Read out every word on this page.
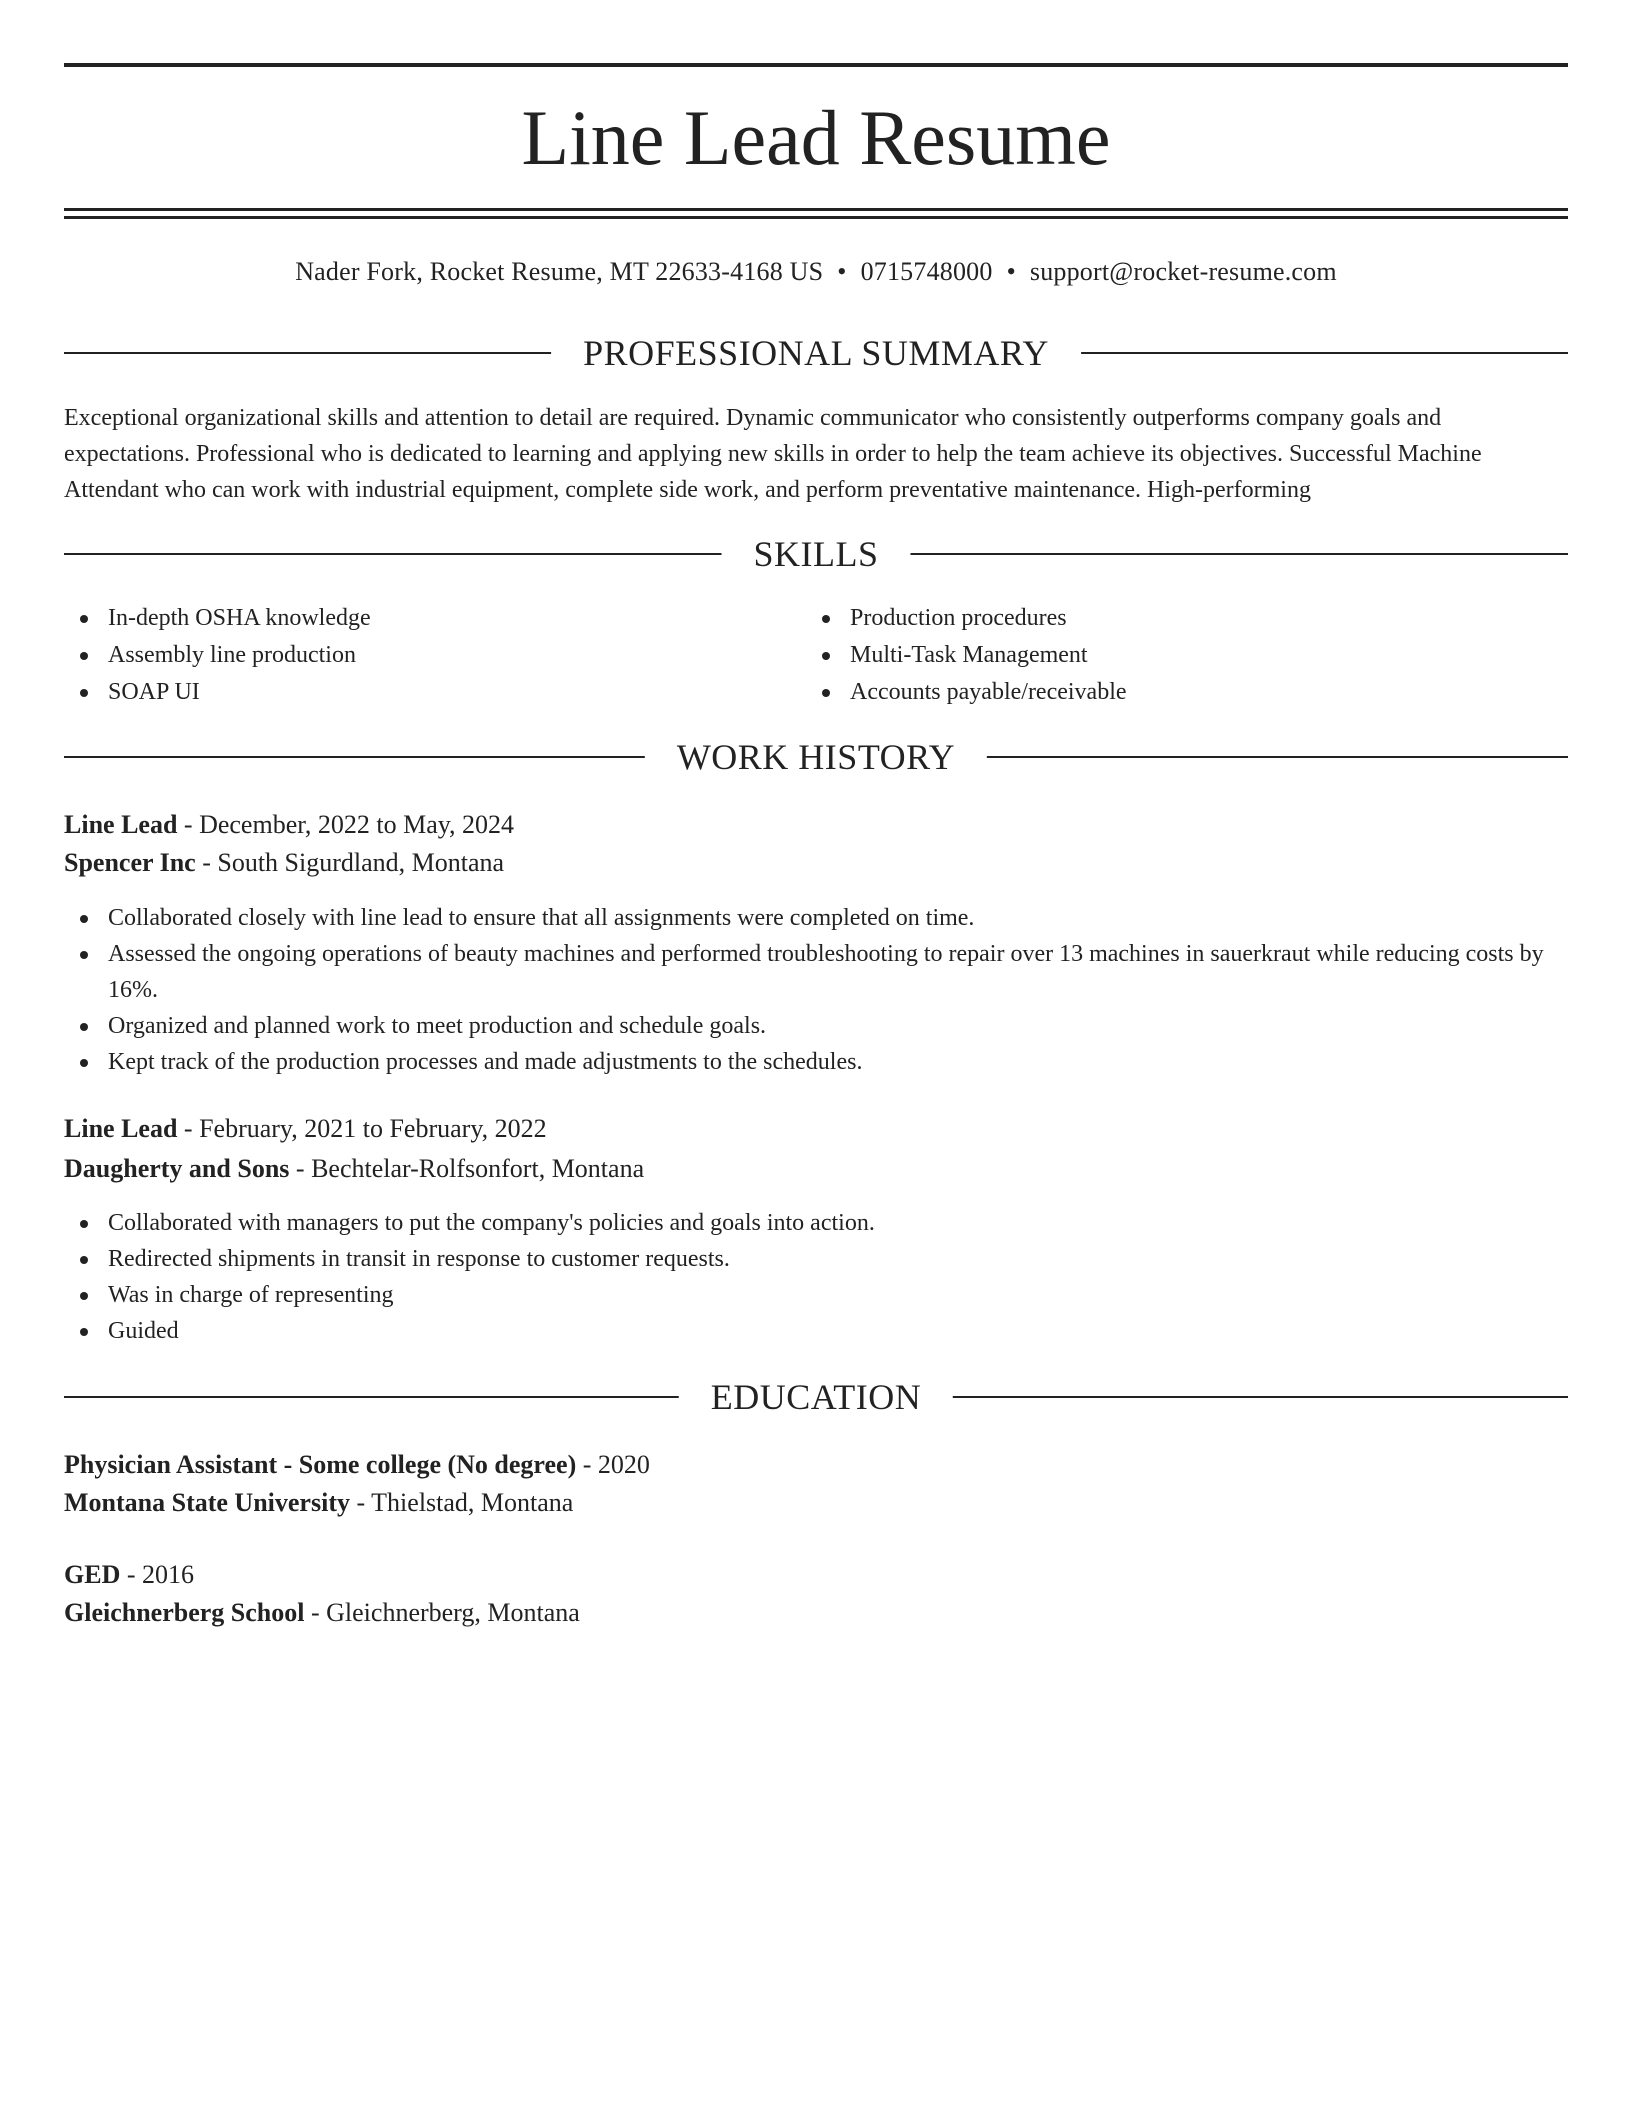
Line Lead Resume
Nader Fork, Rocket Resume, MT 22633-4168 US • 0715748000 • support@rocket-resume.com
PROFESSIONAL SUMMARY
Exceptional organizational skills and attention to detail are required. Dynamic communicator who consistently outperforms company goals and expectations. Professional who is dedicated to learning and applying new skills in order to help the team achieve its objectives. Successful Machine Attendant who can work with industrial equipment, complete side work, and perform preventative maintenance. High-performing
SKILLS
In-depth OSHA knowledge
Assembly line production
SOAP UI
Production procedures
Multi-Task Management
Accounts payable/receivable
WORK HISTORY
Line Lead - December, 2022 to May, 2024
Spencer Inc - South Sigurdland, Montana
Collaborated closely with line lead to ensure that all assignments were completed on time.
Assessed the ongoing operations of beauty machines and performed troubleshooting to repair over 13 machines in sauerkraut while reducing costs by 16%.
Organized and planned work to meet production and schedule goals.
Kept track of the production processes and made adjustments to the schedules.
Line Lead - February, 2021 to February, 2022
Daugherty and Sons - Bechtelar-Rolfsonfort, Montana
Collaborated with managers to put the company's policies and goals into action.
Redirected shipments in transit in response to customer requests.
Was in charge of representing
Guided
EDUCATION
Physician Assistant - Some college (No degree) - 2020
Montana State University - Thielstad, Montana
GED - 2016
Gleichnerberg School - Gleichnerberg, Montana
